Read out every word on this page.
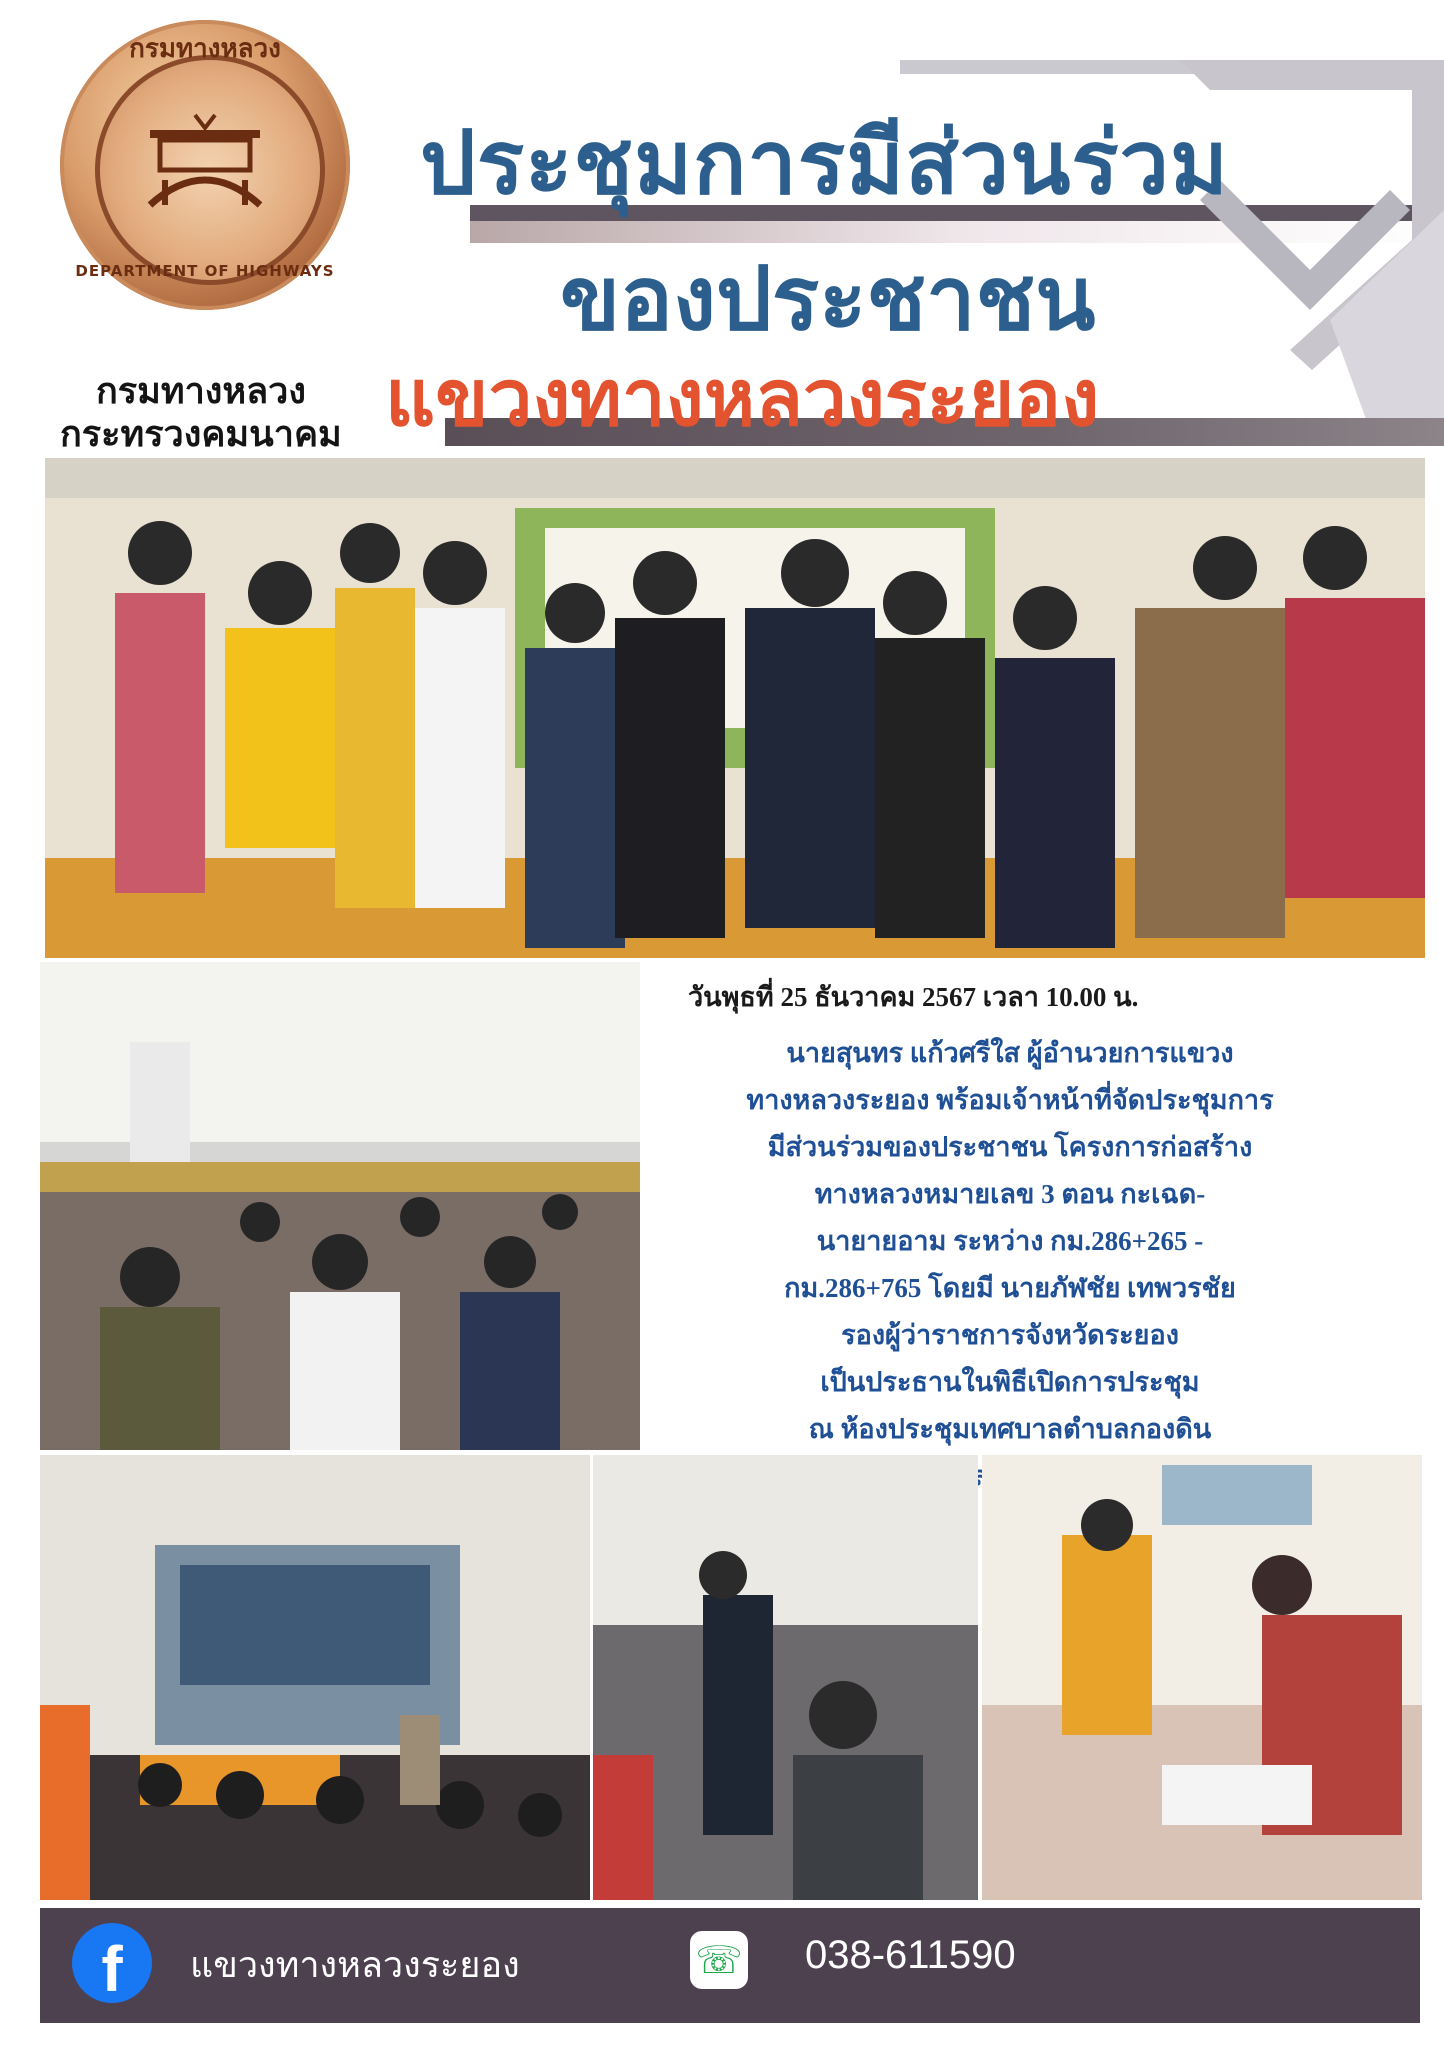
กรมทางหลวง
DEPARTMENT OF HIGHWAYS
กรมทางหลวง
กระทรวงคมนาคม
ประชุมการมีส่วนร่วม
ของประชาชน
แขวงทางหลวงระยอง
วันพุธที่ 25 ธันวาคม 2567 เวลา 10.00 น.
นายสุนทร แก้วศรีใส ผู้อำนวยการแขวง
ทางหลวงระยอง พร้อมเจ้าหน้าที่จัดประชุมการ
มีส่วนร่วมของประชาชน โครงการก่อสร้าง
ทางหลวงหมายเลข 3 ตอน กะเฉด-
นายายอาม ระหว่าง กม.286+265 -
กม.286+765 โดยมี นายภัฬชัย เทพวรชัย
รองผู้ว่าราชการจังหวัดระยอง
เป็นประธานในพิธีเปิดการประชุม
ณ ห้องประชุมเทศบาลตำบลกองดิน
f	แขวงทางหลวงระยอง	☏ 038-611590
